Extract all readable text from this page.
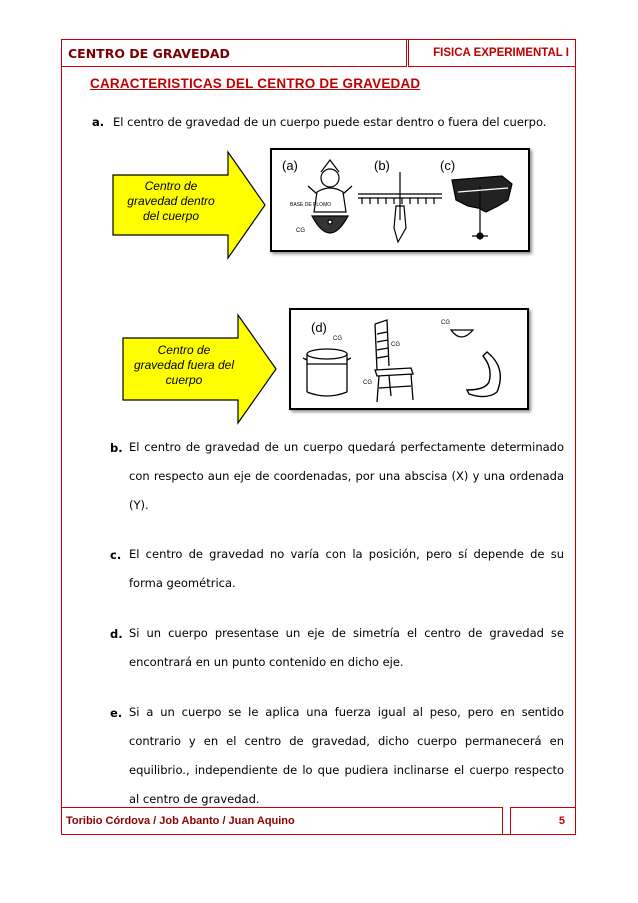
CENTRO DE GRAVEDAD	FISICA EXPERIMENTAL I
CARACTERISTICAS DEL CENTRO DE GRAVEDAD
a. El centro de gravedad de un cuerpo puede estar dentro o fuera del cuerpo.
Centro de
gravedad dentro
del cuerpo
(a)	(b)	(c)
BASE DE PLOMO
CG
Centro de
gravedad fuera del
cuerpo
(d)
CG
CG
CG
CG
b. El centro de gravedad de un cuerpo quedará perfectamente determinado con respecto aun eje de coordenadas, por una abscisa (X) y una ordenada (Y).
c. El centro de gravedad no varía con la posición, pero sí depende de su forma geométrica.
d. Si un cuerpo presentase un eje de simetría el centro de gravedad se encontrará en un punto contenido en dicho eje.
e. Si a un cuerpo se le aplica una fuerza igual al peso, pero en sentido contrario y en el centro de gravedad, dicho cuerpo permanecerá en equilibrio., independiente de lo que pudiera inclinarse el cuerpo respecto al centro de gravedad.
Toribio Córdova / Job Abanto / Juan Aquino	5
